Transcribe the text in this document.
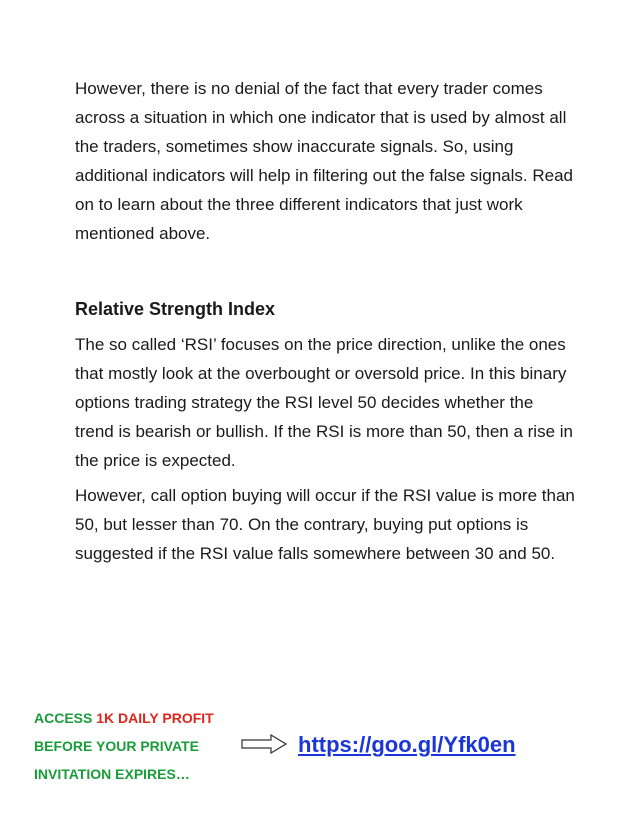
However, there is no denial of the fact that every trader comes across a situation in which one indicator that is used by almost all the traders, sometimes show inaccurate signals. So, using additional indicators will help in filtering out the false signals. Read on to learn about the three different indicators that just work mentioned above.

Relative Strength Index

The so called ‘RSI’ focuses on the price direction, unlike the ones that mostly look at the overbought or oversold price. In this binary options trading strategy the RSI level 50 decides whether the trend is bearish or bullish. If the RSI is more than 50, then a rise in the price is expected.

However, call option buying will occur if the RSI value is more than 50, but lesser than 70. On the contrary, buying put options is suggested if the RSI value falls somewhere between 30 and 50.

ACCESS 1K DAILY PROFIT
BEFORE YOUR PRIVATE
INVITATION EXPIRES…
https://goo.gl/Yfk0en
